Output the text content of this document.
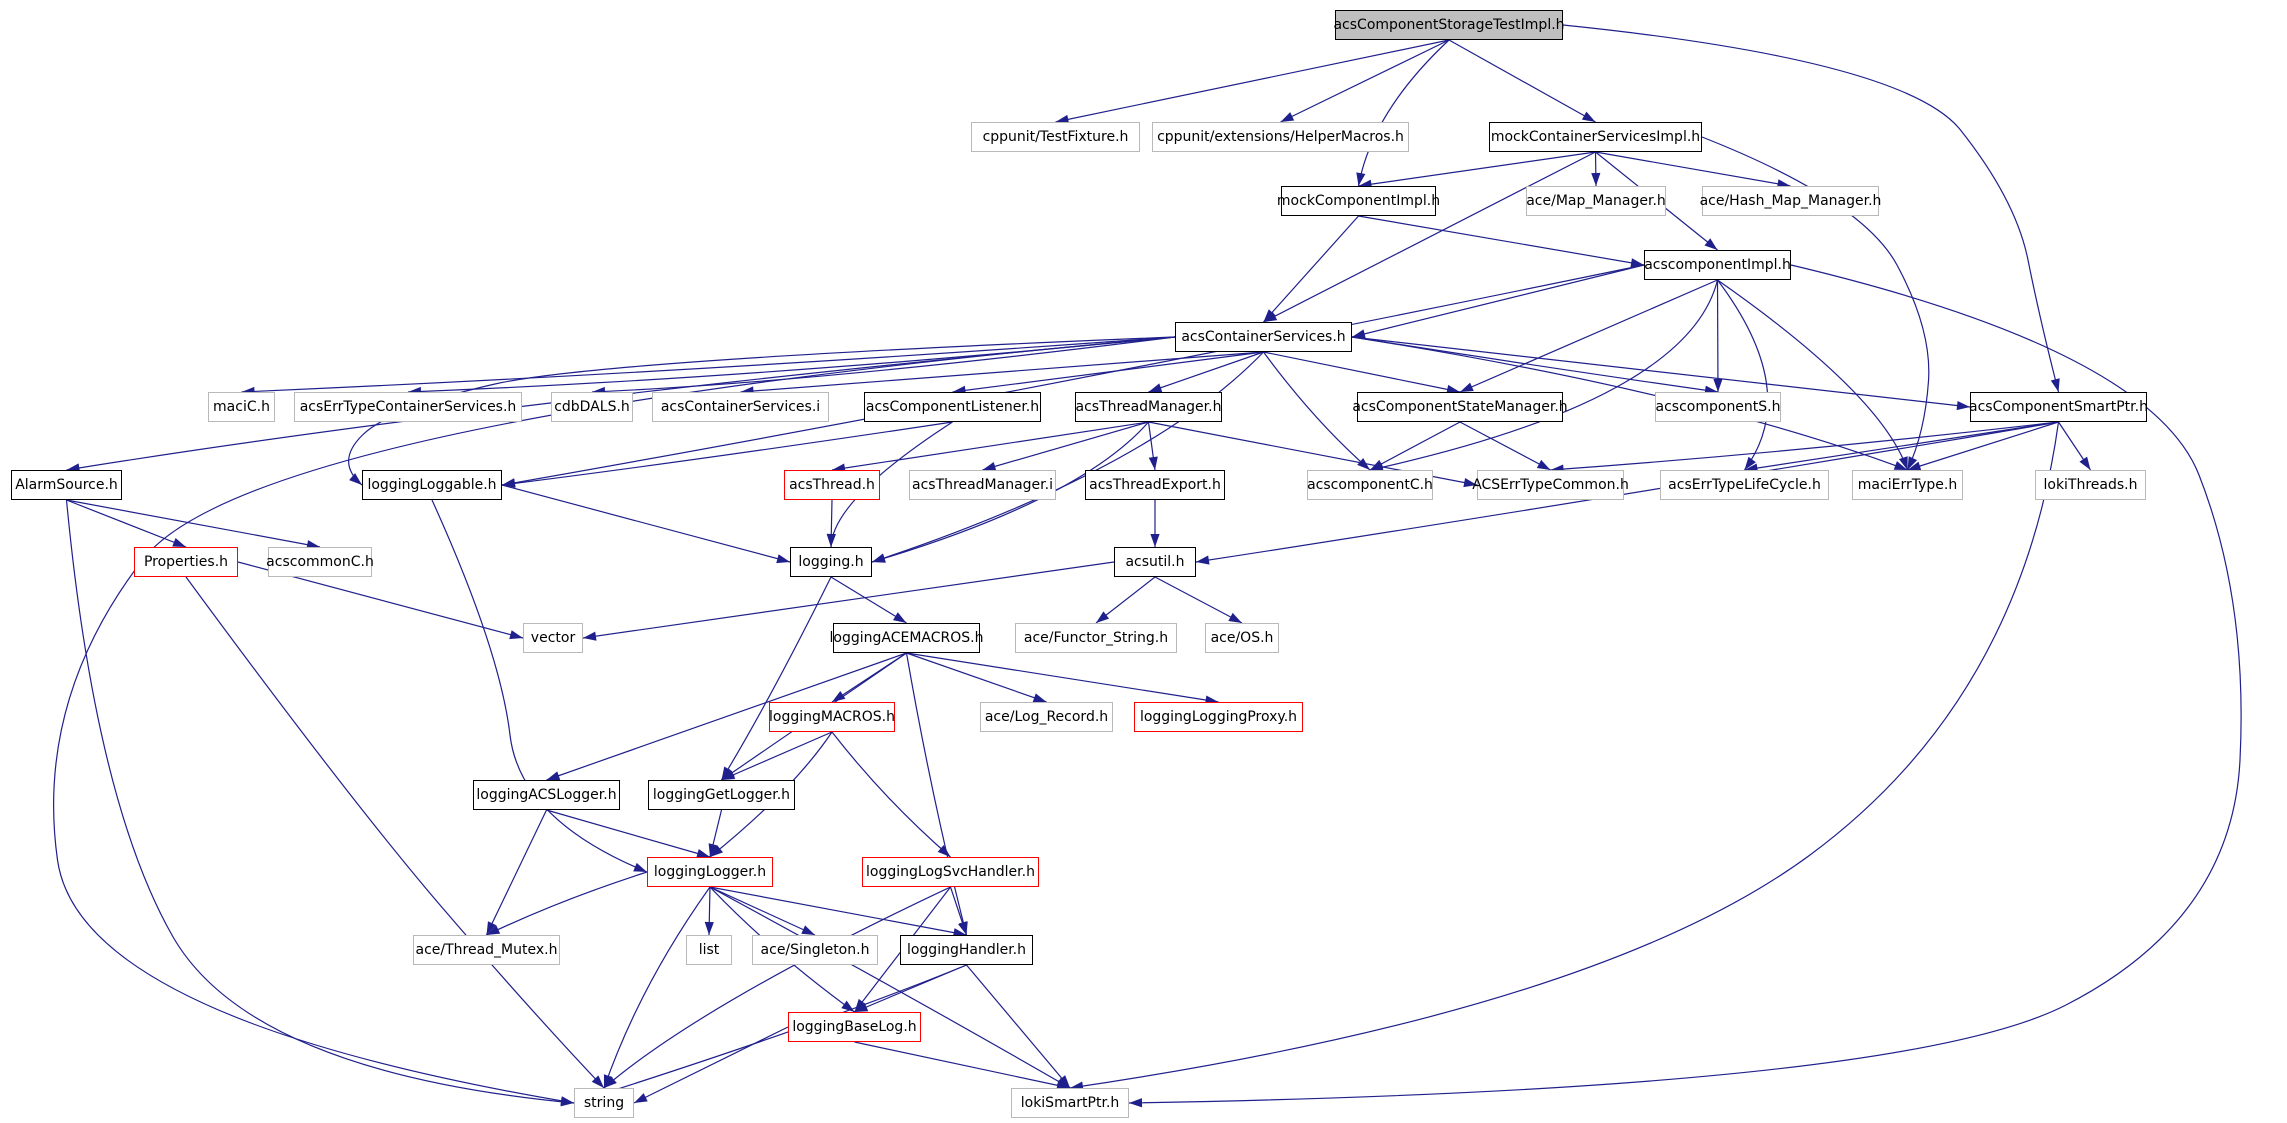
acsComponentStorageTestImpl.h
cppunit/TestFixture.h	cppunit/extensions/HelperMacros.h	mockContainerServicesImpl.h
mockComponentImpl.h	ace/Map_Manager.h ace/Hash_Map_Manager.h
acscomponentImpl.h
acsContainerServices.h
maciC.h	acsErrTypeContainerServices.h	cdbDALS.h	acsContainerServices.i	acsComponentListener.h	acsThreadManager.h	acsComponentStateManager.h	acscomponentS.h	acsComponentSmartPtr.h
AlarmSource.h	loggingLoggable.h	acsThread.h	acsThreadManager.i	acsThreadExport.h	acscomponentC.h	ACSErrTypeCommon.h	acsErrTypeLifeCycle.h	maciErrType.h	lokiThreads.h
Properties.h	acscommonC.h	logging.h	acsutil.h
vector	loggingACEMACROS.h	ace/Functor_String.h	ace/OS.h
loggingMACROS.h	ace/Log_Record.h	loggingLoggingProxy.h
loggingACSLogger.h	loggingGetLogger.h
loggingLogger.h	loggingLogSvcHandler.h
ace/Thread_Mutex.h	list	ace/Singleton.h	loggingHandler.h
loggingBaseLog.h
string	lokiSmartPtr.h
